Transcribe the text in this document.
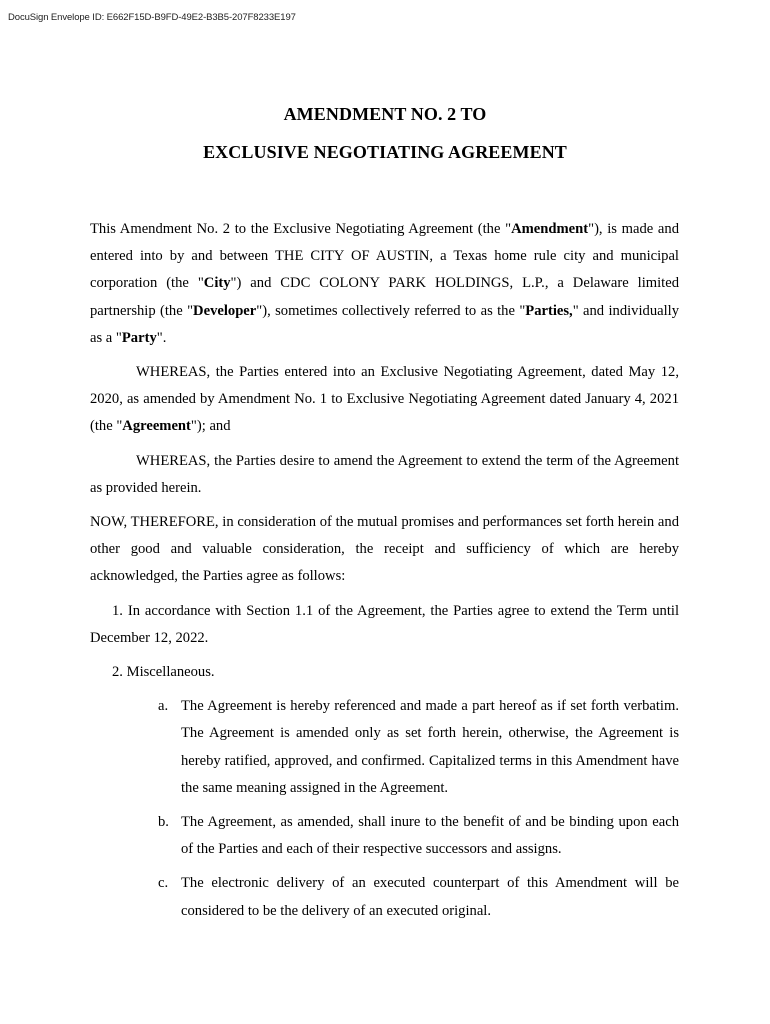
DocuSign Envelope ID: E662F15D-B9FD-49E2-B3B5-207F8233E197
AMENDMENT NO. 2 TO
EXCLUSIVE NEGOTIATING AGREEMENT

This Amendment No. 2 to the Exclusive Negotiating Agreement (the "Amendment"), is made and entered into by and between THE CITY OF AUSTIN, a Texas home rule city and municipal corporation (the "City") and CDC COLONY PARK HOLDINGS, L.P., a Delaware limited partnership (the "Developer"), sometimes collectively referred to as the "Parties," and individually as a "Party".

WHEREAS, the Parties entered into an Exclusive Negotiating Agreement, dated May 12, 2020, as amended by Amendment No. 1 to Exclusive Negotiating Agreement dated January 4, 2021 (the "Agreement"); and

WHEREAS, the Parties desire to amend the Agreement to extend the term of the Agreement as provided herein.

NOW, THEREFORE, in consideration of the mutual promises and performances set forth herein and other good and valuable consideration, the receipt and sufficiency of which are hereby acknowledged, the Parties agree as follows:

1. In accordance with Section 1.1 of the Agreement, the Parties agree to extend the Term until December 12, 2022.

2. Miscellaneous.

a. The Agreement is hereby referenced and made a part hereof as if set forth verbatim. The Agreement is amended only as set forth herein, otherwise, the Agreement is hereby ratified, approved, and confirmed. Capitalized terms in this Amendment have the same meaning assigned in the Agreement.
b. The Agreement, as amended, shall inure to the benefit of and be binding upon each of the Parties and each of their respective successors and assigns.
c. The electronic delivery of an executed counterpart of this Amendment will be considered to be the delivery of an executed original.
